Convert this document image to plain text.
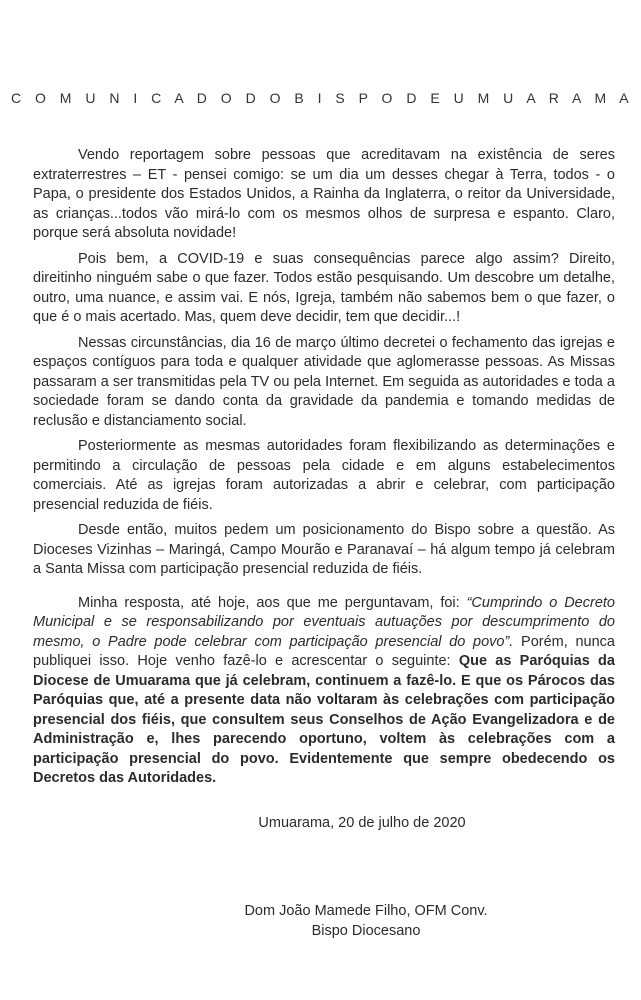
C O M U N I C A D O D O B I S P O D E U M U A R A M A

Vendo reportagem sobre pessoas que acreditavam na existência de seres extraterrestres – ET - pensei comigo: se um dia um desses chegar à Terra, todos - o Papa, o presidente dos Estados Unidos, a Rainha da Inglaterra, o reitor da Universidade, as crianças...todos vão mirá-lo com os mesmos olhos de surpresa e espanto. Claro, porque será absoluta novidade!

Pois bem, a COVID-19 e suas consequências parece algo assim? Direito, direitinho ninguém sabe o que fazer. Todos estão pesquisando. Um descobre um detalhe, outro, uma nuance, e assim vai. E nós, Igreja, também não sabemos bem o que fazer, o que é o mais acertado. Mas, quem deve decidir, tem que decidir...!

Nessas circunstâncias, dia 16 de março último decretei o fechamento das igrejas e espaços contíguos para toda e qualquer atividade que aglomerasse pessoas. As Missas passaram a ser transmitidas pela TV ou pela Internet. Em seguida as autoridades e toda a sociedade foram se dando conta da gravidade da pandemia e tomando medidas de reclusão e distanciamento social.

Posteriormente as mesmas autoridades foram flexibilizando as determinações e permitindo a circulação de pessoas pela cidade e em alguns estabelecimentos comerciais. Até as igrejas foram autorizadas a abrir e celebrar, com participação presencial reduzida de fiéis.

Desde então, muitos pedem um posicionamento do Bispo sobre a questão. As Dioceses Vizinhas – Maringá, Campo Mourão e Paranavaí – há algum tempo já celebram a Santa Missa com participação presencial reduzida de fiéis.

Minha resposta, até hoje, aos que me perguntavam, foi: “Cumprindo o Decreto Municipal e se responsabilizando por eventuais autuações por descumprimento do mesmo, o Padre pode celebrar com participação presencial do povo”. Porém, nunca publiquei isso. Hoje venho fazê-lo e acrescentar o seguinte: Que as Paróquias da Diocese de Umuarama que já celebram, continuem a fazê-lo. E que os Párocos das Paróquias que, até a presente data não voltaram às celebrações com participação presencial dos fiéis, que consultem seus Conselhos de Ação Evangelizadora e de Administração e, lhes parecendo oportuno, voltem às celebrações com a participação presencial do povo. Evidentemente que sempre obedecendo os Decretos das Autoridades.

Umuarama, 20 de julho de 2020
Dom João Mamede Filho, OFM Conv.
Bispo Diocesano
